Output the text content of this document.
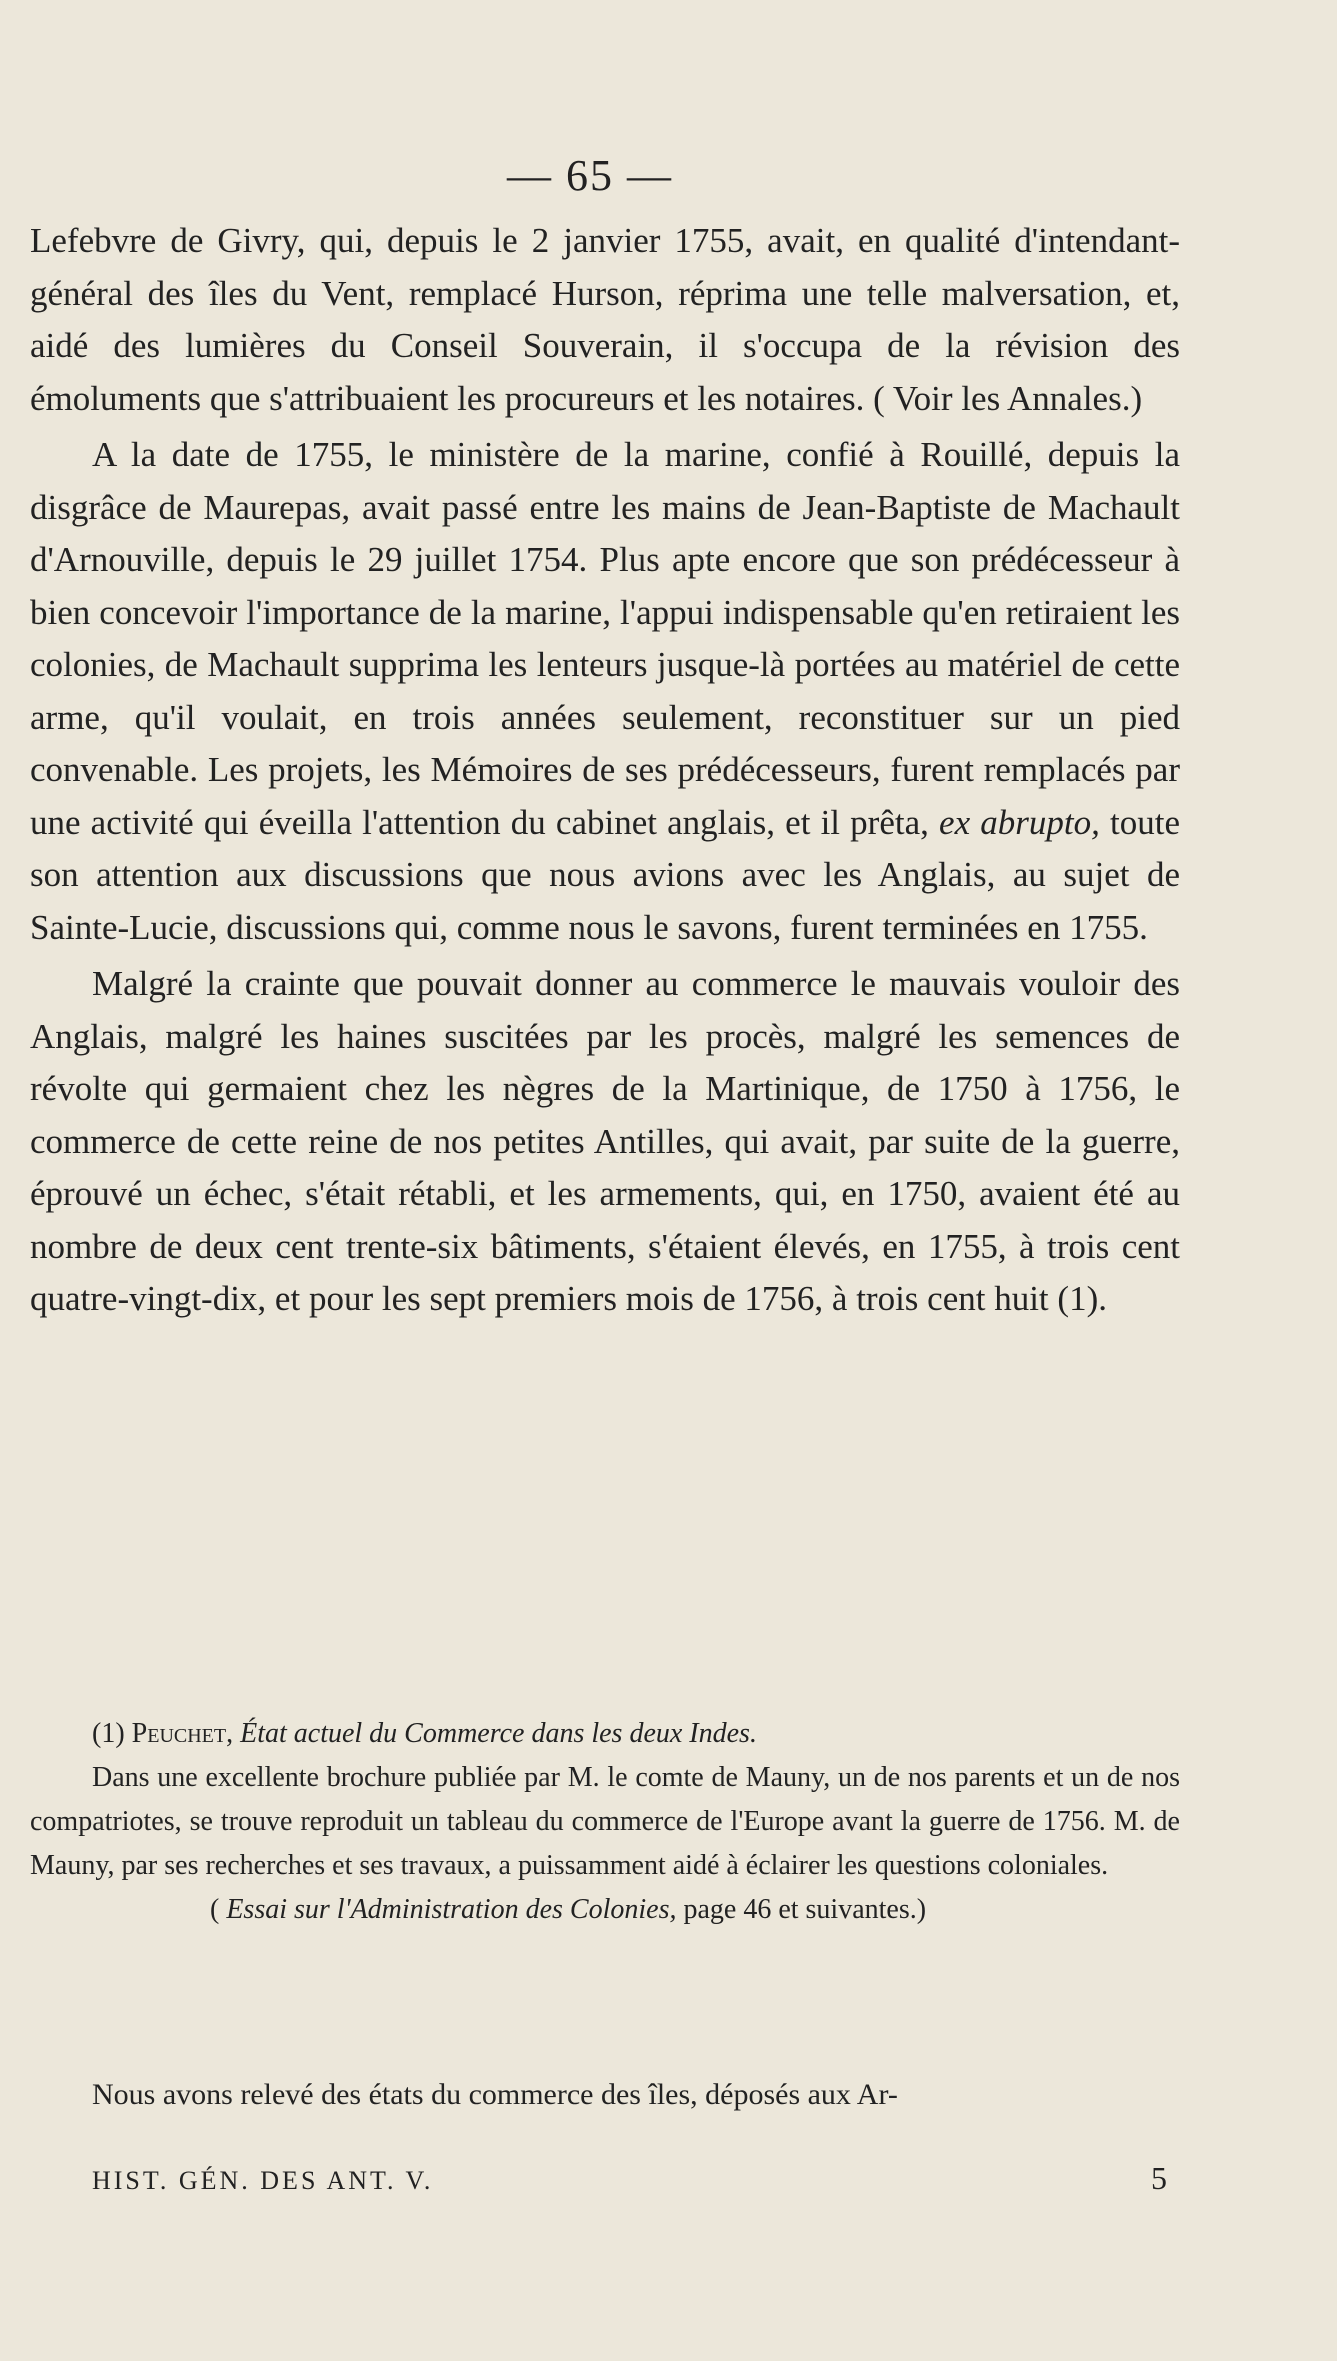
— 65 —

Lefebvre de Givry, qui, depuis le 2 janvier 1755, avait, en qualité d'intendant-général des îles du Vent, remplacé Hurson, réprima une telle malversation, et, aidé des lumières du Conseil Souverain, il s'occupa de la révision des émoluments que s'attribuaient les procureurs et les notaires. ( Voir les Annales.)

A la date de 1755, le ministère de la marine, confié à Rouillé, depuis la disgrâce de Maurepas, avait passé entre les mains de Jean-Baptiste de Machault d'Arnouville, depuis le 29 juillet 1754. Plus apte encore que son prédécesseur à bien concevoir l'importance de la marine, l'appui indispensable qu'en retiraient les colonies, de Machault supprima les lenteurs jusque-là portées au matériel de cette arme, qu'il voulait, en trois années seulement, reconstituer sur un pied convenable. Les projets, les Mémoires de ses prédécesseurs, furent remplacés par une activité qui éveilla l'attention du cabinet anglais, et il prêta, ex abrupto, toute son attention aux discussions que nous avions avec les Anglais, au sujet de Sainte-Lucie, discussions qui, comme nous le savons, furent terminées en 1755.

Malgré la crainte que pouvait donner au commerce le mauvais vouloir des Anglais, malgré les haines suscitées par les procès, malgré les semences de révolte qui germaient chez les nègres de la Martinique, de 1750 à 1756, le commerce de cette reine de nos petites Antilles, qui avait, par suite de la guerre, éprouvé un échec, s'était rétabli, et les armements, qui, en 1750, avaient été au nombre de deux cent trente-six bâtiments, s'étaient élevés, en 1755, à trois cent quatre-vingt-dix, et pour les sept premiers mois de 1756, à trois cent huit (1).

(1) Peuchet, État actuel du Commerce dans les deux Indes.

Dans une excellente brochure publiée par M. le comte de Mauny, un de nos parents et un de nos compatriotes, se trouve reproduit un tableau du commerce de l'Europe avant la guerre de 1756. M. de Mauny, par ses recherches et ses travaux, a puissamment aidé à éclairer les questions coloniales.

( Essai sur l'Administration des Colonies, page 46 et suivantes.)

Nous avons relevé des états du commerce des îles, déposés aux Ar-
HIST. GÉN. DES ANT. V.	5
